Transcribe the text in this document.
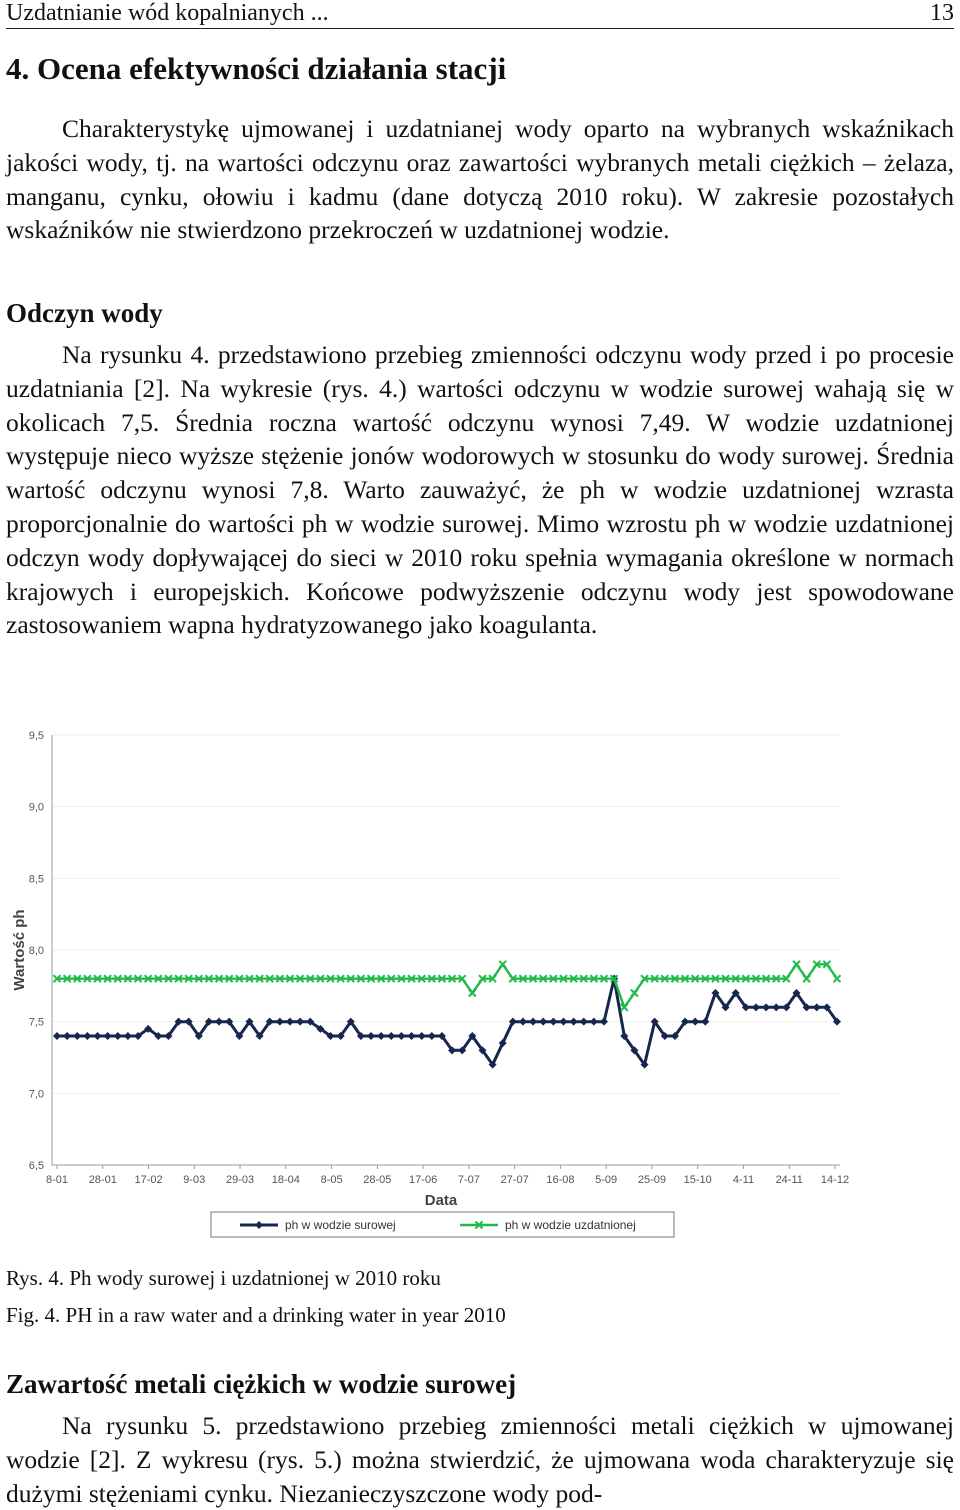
Uzdatnianie wód kopalnianych ...	13
4. Ocena efektywności działania stacji

Charakterystykę ujmowanej i uzdatnianej wody oparto na wybranych wskaźnikach jakości wody, tj. na wartości odczynu oraz zawartości wybranych metali ciężkich – żelaza, manganu, cynku, ołowiu i kadmu (dane dotyczą 2010 roku). W zakresie pozostałych wskaźników nie stwierdzono przekroczeń w uzdatnionej wodzie.

Odczyn wody

Na rysunku 4. przedstawiono przebieg zmienności odczynu wody przed i po procesie uzdatniania [2]. Na wykresie (rys. 4.) wartości odczynu w wodzie surowej wahają się w okolicach 7,5. Średnia roczna wartość odczynu wynosi 7,49. W wodzie uzdatnionej występuje nieco wyższe stężenie jonów wodorowych w stosunku do wody surowej. Średnia wartość odczynu wynosi 7,8. Warto zauważyć, że ph w wodzie uzdatnionej wzrasta proporcjonalnie do wartości ph w wodzie surowej. Mimo wzrostu ph w wodzie uzdatnionej odczyn wody dopływającej do sieci w 2010 roku spełnia wymagania określone w normach krajowych i europejskich. Końcowe podwyższenie odczynu wody jest spowodowane zastosowaniem wapna hydratyzowanego jako koagulanta.

6,5
7,0
7,5
8,0
8,5
9,0
9,5
8-01 28-01 17-02 9-03 29-03 18-04 8-05 28-05 17-06 7-07 27-07 16-08 5-09 25-09 15-10 4-11 24-11 14-12
Wartość ph
Data
ph w wodzie surowej	ph w wodzie uzdatnionej
Rys. 4. Ph wody surowej i uzdatnionej w 2010 roku
Fig. 4. PH in a raw water and a drinking water in year 2010
Zawartość metali ciężkich w wodzie surowej

Na rysunku 5. przedstawiono przebieg zmienności metali ciężkich w ujmowanej wodzie [2]. Z wykresu (rys. 5.) można stwierdzić, że ujmowana woda charakteryzuje się dużymi stężeniami cynku. Niezanieczyszczone wody pod-
